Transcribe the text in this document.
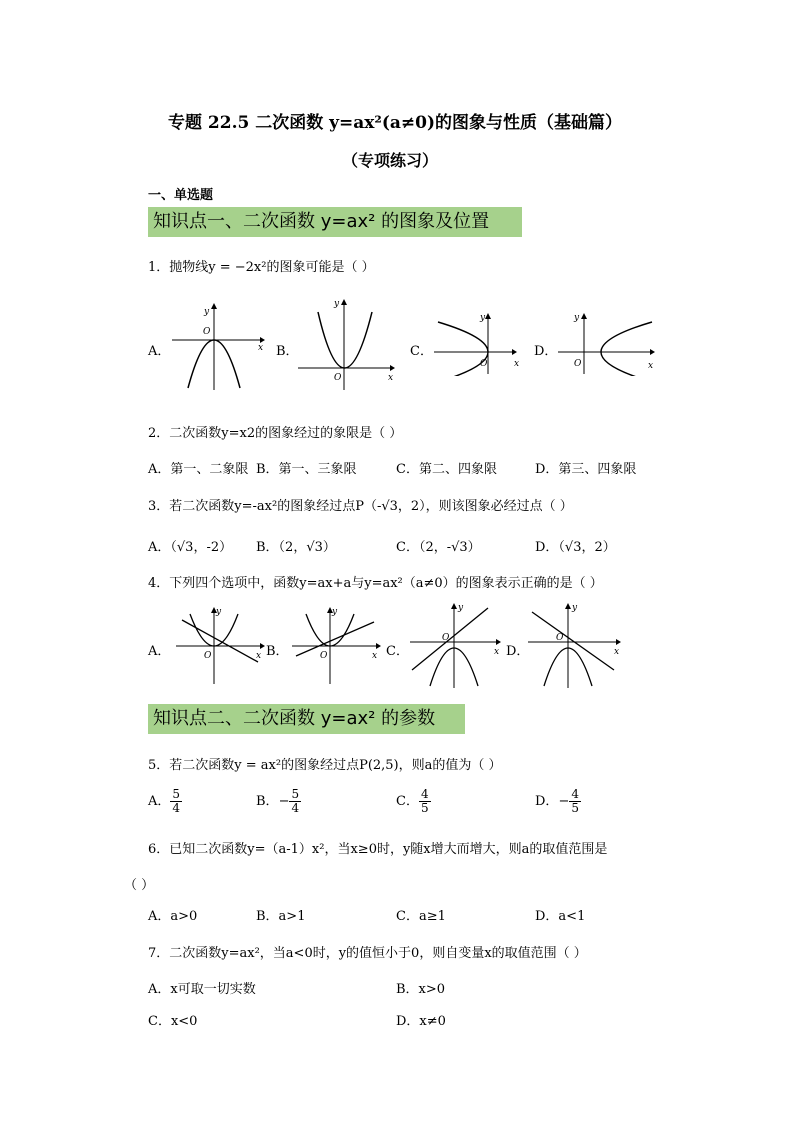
专题 22.5 二次函数 y=ax²(a≠0)的图象与性质（基础篇）
（专项练习）
一、单选题
知识点一、二次函数 y=ax² 的图象及位置
1．抛物线y = −2x²的图象可能是（ ）
A．	B．	C．	D．
y
O
x
y
O	x
y
O	x
y
O	x
2．二次函数y=x2的图象经过的象限是（ ）
A．第一、二象限 B．第一、三象限	C．第二、四象限	D．第三、四象限
3．若二次函数y=-ax²的图象经过点P（-√3，2），则该图象必经过点（ ）
A．（√3，-2） B．（2，√3）	C．（2，-√3）	D．（√3，2）
4．下列四个选项中，函数y=ax+a与y=ax²（a≠0）的图象表示正确的是（ ）
A．	B．	C．	D．
y
O	x
y
O	x
y
O
x
y
O
x
知识点二、二次函数 y=ax² 的参数
5．若二次函数y = ax²的图象经过点P(2,5)，则a的值为（ ）
A． $\frac{5}{4}$	B．− $\frac{5}{4}$	C． $\frac{4}{5}$	D．− $\frac{4}{5}$
6．已知二次函数y=（a-1）x²，当x≥0时，y随x增大而增大，则a的取值范围是
（ ）
A．a>0	B．a>1	C．a≥1	D．a<1
7．二次函数y=ax²，当a<0时，y的值恒小于0，则自变量x的取值范围（ ）
A．x可取一切实数	B．x>0
C．x<0	D．x≠0
